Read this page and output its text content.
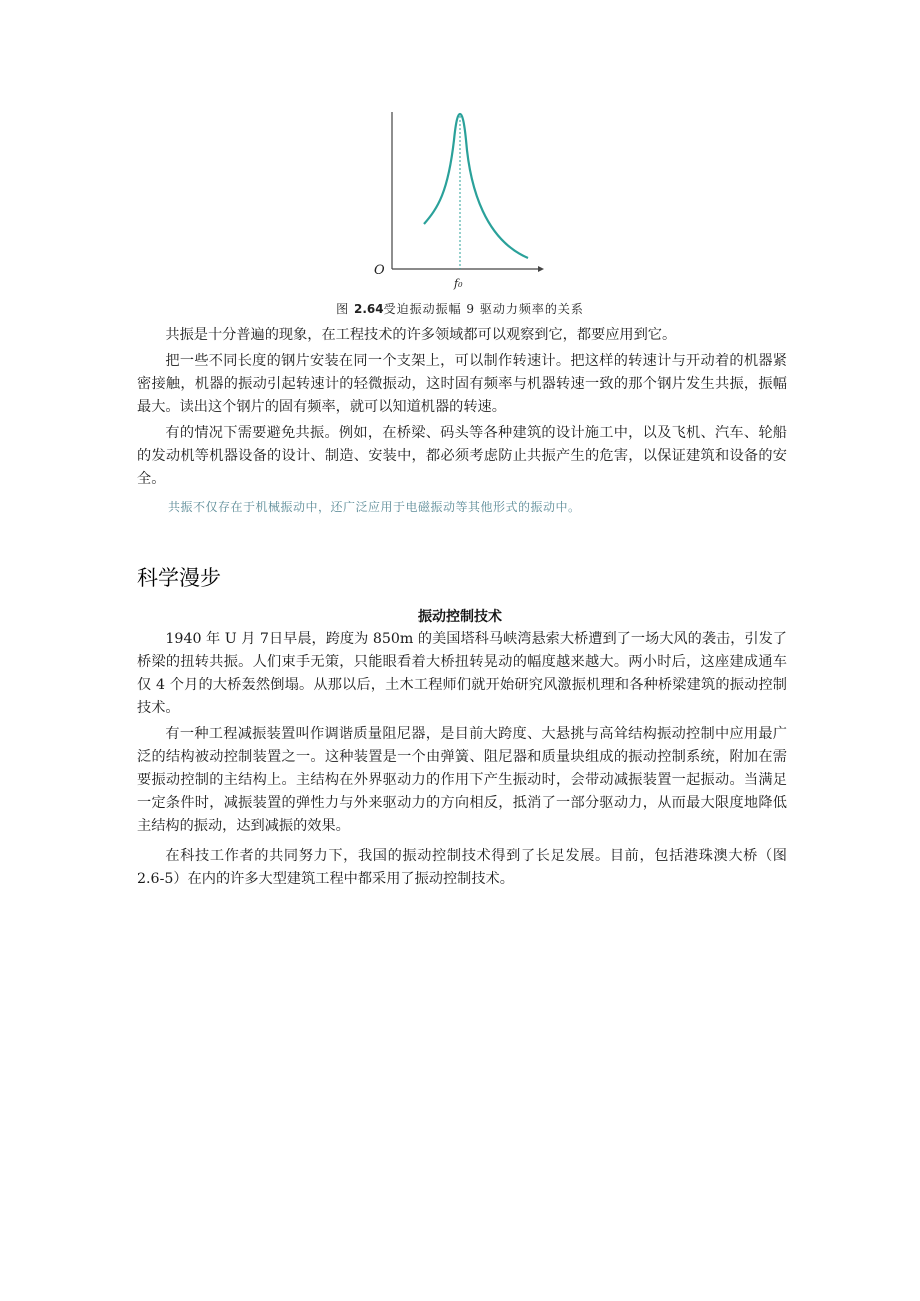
O
f₀
图 2.64受迫振动振幅 9 驱动力频率的关系

共振是十分普遍的现象，在工程技术的许多领域都可以观察到它，都要应用到它。

把一些不同长度的钢片安装在同一个支架上，可以制作转速计。把这样的转速计与开动着的机器紧密接触，机器的振动引起转速计的轻微振动，这时固有频率与机器转速一致的那个钢片发生共振，振幅最大。读出这个钢片的固有频率，就可以知道机器的转速。

有的情况下需要避免共振。例如，在桥梁、码头等各种建筑的设计施工中，以及飞机、汽车、轮船的发动机等机器设备的设计、制造、安装中，都必须考虑防止共振产生的危害，以保证建筑和设备的安全。

共振不仅存在于机械振动中，还广泛应用于电磁振动等其他形式的振动中。
科学漫步
振动控制技术

1940 年 U 月 7日早晨，跨度为 850m 的美国塔科马峡湾悬索大桥遭到了一场大风的袭击，引发了桥梁的扭转共振。人们束手无策，只能眼看着大桥扭转晃动的幅度越来越大。两小时后，这座建成通车仅 4 个月的大桥轰然倒塌。从那以后，土木工程师们就开始研究风激振机理和各种桥梁建筑的振动控制技术。

有一种工程减振装置叫作调谐质量阻尼器，是目前大跨度、大悬挑与高耸结构振动控制中应用最广泛的结构被动控制装置之一。这种装置是一个由弹簧、阻尼器和质量块组成的振动控制系统，附加在需要振动控制的主结构上。主结构在外界驱动力的作用下产生振动时，会带动减振装置一起振动。当满足一定条件时，减振装置的弹性力与外来驱动力的方向相反，抵消了一部分驱动力，从而最大限度地降低主结构的振动，达到减振的效果。

在科技工作者的共同努力下，我国的振动控制技术得到了长足发展。目前，包括港珠澳大桥（图 2.6-5）在内的许多大型建筑工程中都采用了振动控制技术。
